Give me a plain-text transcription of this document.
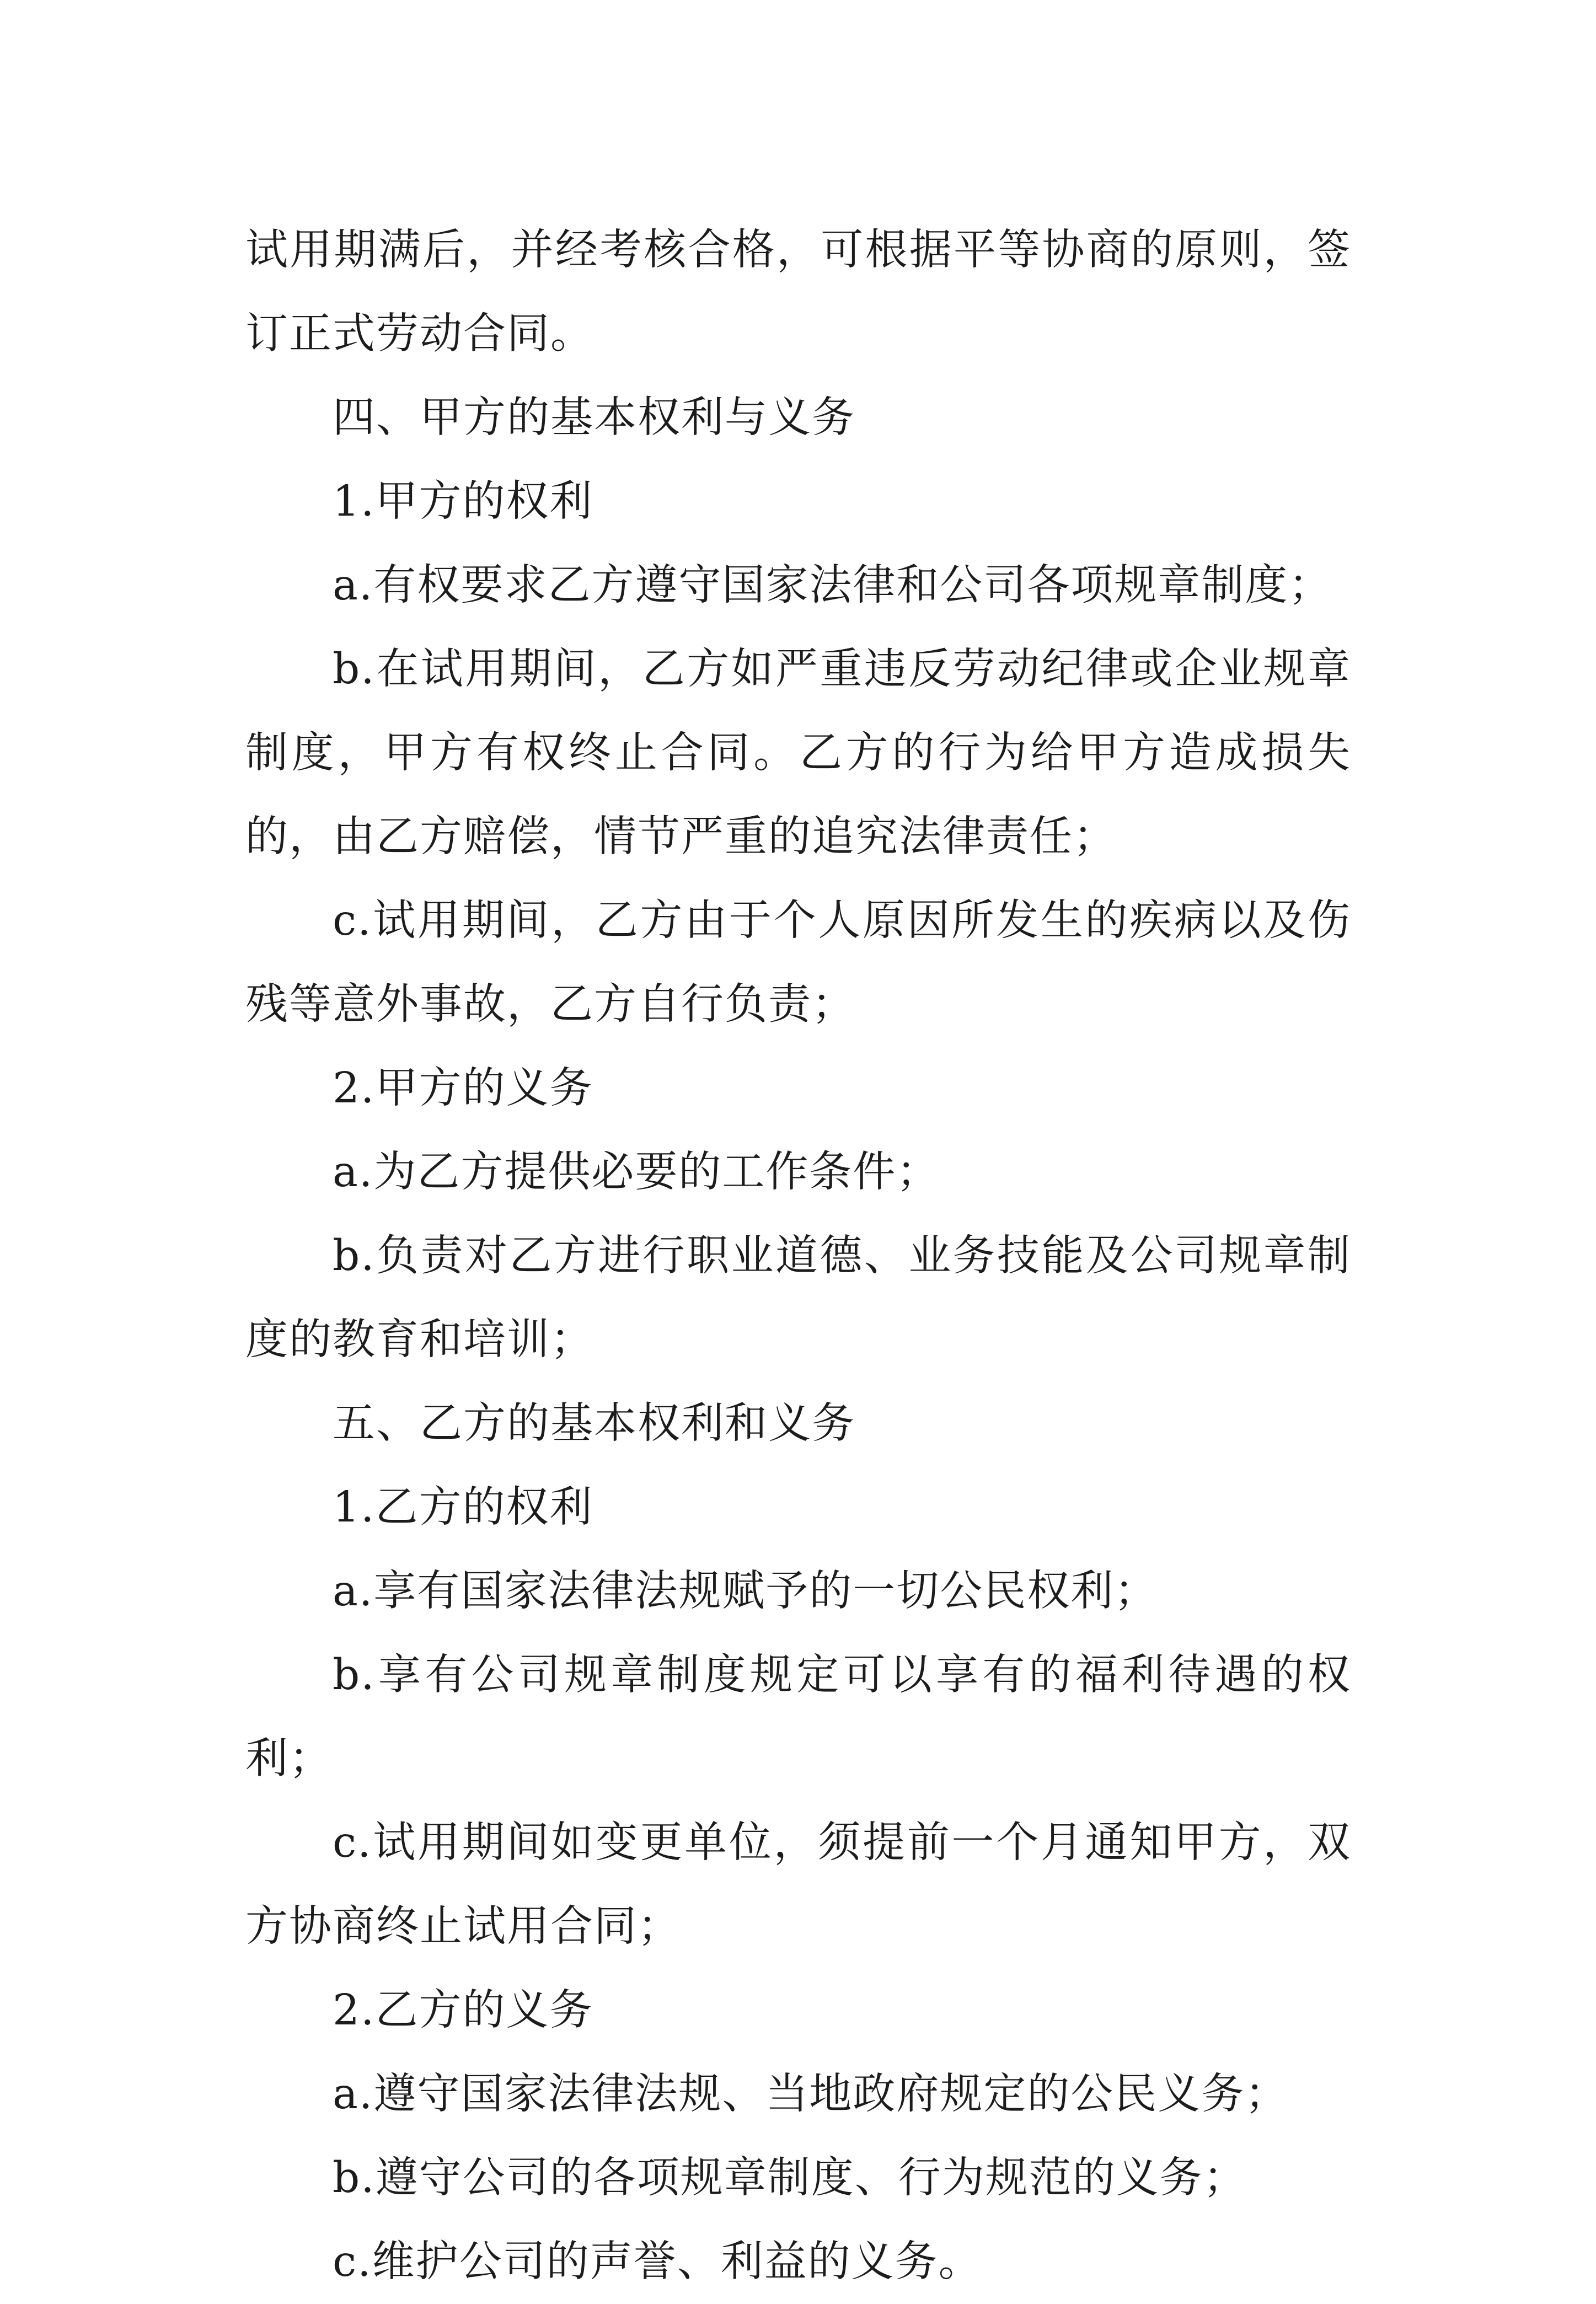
试用期满后，并经考核合格，可根据平等协商的原则，签订正式劳动合同。

四、甲方的基本权利与义务

1.甲方的权利

a.有权要求乙方遵守国家法律和公司各项规章制度；

b.在试用期间，乙方如严重违反劳动纪律或企业规章制度，甲方有权终止合同。乙方的行为给甲方造成损失的，由乙方赔偿，情节严重的追究法律责任；

c.试用期间，乙方由于个人原因所发生的疾病以及伤残等意外事故，乙方自行负责；

2.甲方的义务

a.为乙方提供必要的工作条件；

b.负责对乙方进行职业道德、业务技能及公司规章制度的教育和培训；

五、乙方的基本权利和义务

1.乙方的权利

a.享有国家法律法规赋予的一切公民权利；

b.享有公司规章制度规定可以享有的福利待遇的权利；

c.试用期间如变更单位，须提前一个月通知甲方，双方协商终止试用合同；

2.乙方的义务

a.遵守国家法律法规、当地政府规定的公民义务；

b.遵守公司的各项规章制度、行为规范的义务；

c.维护公司的声誉、利益的义务。
